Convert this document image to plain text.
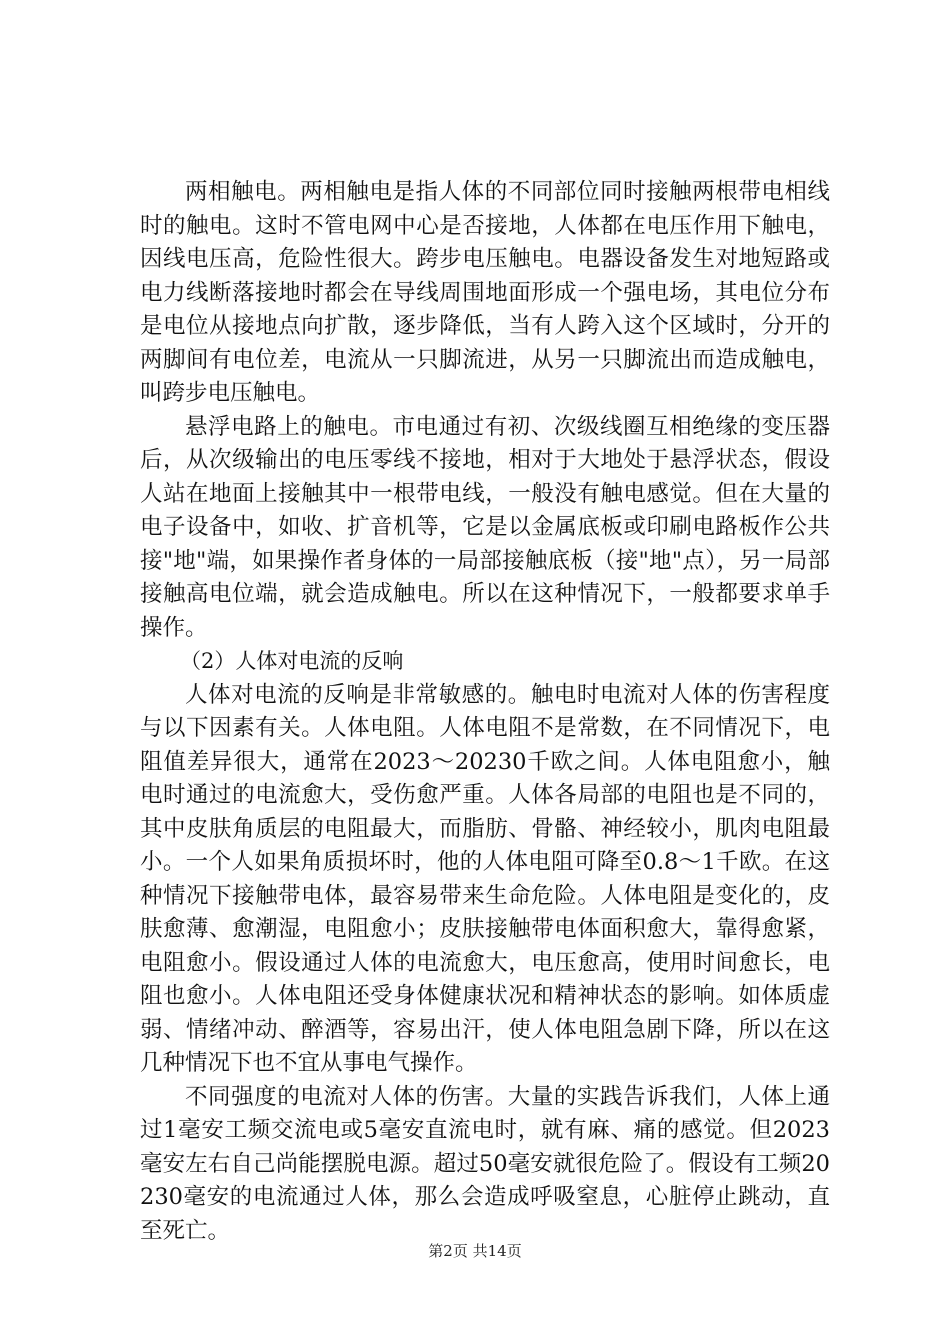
两相触电。两相触电是指人体的不同部位同时接触两根带电相线时的触电。这时不管电网中心是否接地，人体都在电压作用下触电，因线电压高，危险性很大。跨步电压触电。电器设备发生对地短路或电力线断落接地时都会在导线周围地面形成一个强电场，其电位分布是电位从接地点向扩散，逐步降低，当有人跨入这个区域时，分开的两脚间有电位差，电流从一只脚流进，从另一只脚流出而造成触电，叫跨步电压触电。

悬浮电路上的触电。市电通过有初、次级线圈互相绝缘的变压器后，从次级输出的电压零线不接地，相对于大地处于悬浮状态，假设人站在地面上接触其中一根带电线，一般没有触电感觉。但在大量的电子设备中，如收、扩音机等，它是以金属底板或印刷电路板作公共接"地"端，如果操作者身体的一局部接触底板（接"地"点），另一局部接触高电位端，就会造成触电。所以在这种情况下，一般都要求单手操作。

（2）人体对电流的反响

人体对电流的反响是非常敏感的。触电时电流对人体的伤害程度与以下因素有关。人体电阻。人体电阻不是常数，在不同情况下，电阻值差异很大，通常在2023～20230千欧之间。人体电阻愈小，触电时通过的电流愈大，受伤愈严重。人体各局部的电阻也是不同的，其中皮肤角质层的电阻最大，而脂肪、骨骼、神经较小，肌肉电阻最小。一个人如果角质损坏时，他的人体电阻可降至0.8～1千欧。在这种情况下接触带电体，最容易带来生命危险。人体电阻是变化的，皮肤愈薄、愈潮湿，电阻愈小；皮肤接触带电体面积愈大，靠得愈紧，电阻愈小。假设通过人体的电流愈大，电压愈高，使用时间愈长，电阻也愈小。人体电阻还受身体健康状况和精神状态的影响。如体质虚弱、情绪冲动、醉酒等，容易出汗，使人体电阻急剧下降，所以在这几种情况下也不宜从事电气操作。

不同强度的电流对人体的伤害。大量的实践告诉我们，人体上通过1毫安工频交流电或5毫安直流电时，就有麻、痛的感觉。但2023毫安左右自己尚能摆脱电源。超过50毫安就很危险了。假设有工频20230毫安的电流通过人体，那么会造成呼吸窒息，心脏停止跳动，直至死亡。

第2页 共14页
